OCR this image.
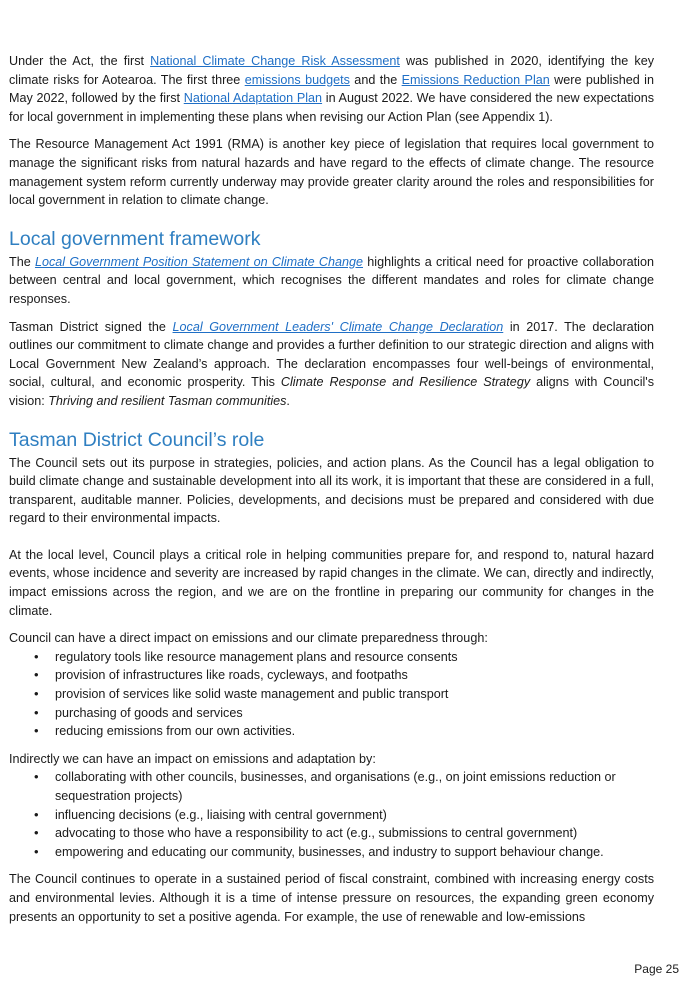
Under the Act, the first National Climate Change Risk Assessment was published in 2020, identifying the key climate risks for Aotearoa. The first three emissions budgets and the Emissions Reduction Plan were published in May 2022, followed by the first National Adaptation Plan in August 2022. We have considered the new expectations for local government in implementing these plans when revising our Action Plan (see Appendix 1).

The Resource Management Act 1991 (RMA) is another key piece of legislation that requires local government to manage the significant risks from natural hazards and have regard to the effects of climate change. The resource management system reform currently underway may provide greater clarity around the roles and responsibilities for local government in relation to climate change.

Local government framework

The Local Government Position Statement on Climate Change highlights a critical need for proactive collaboration between central and local government, which recognises the different mandates and roles for climate change responses.

Tasman District signed the Local Government Leaders' Climate Change Declaration in 2017. The declaration outlines our commitment to climate change and provides a further definition to our strategic direction and aligns with Local Government New Zealand’s approach. The declaration encompasses four well-beings of environmental, social, cultural, and economic prosperity. This Climate Response and Resilience Strategy aligns with Council's vision: Thriving and resilient Tasman communities.

Tasman District Council’s role

The Council sets out its purpose in strategies, policies, and action plans. As the Council has a legal obligation to build climate change and sustainable development into all its work, it is important that these are considered in a full, transparent, auditable manner. Policies, developments, and decisions must be prepared and considered with due regard to their environmental impacts.

At the local level, Council plays a critical role in helping communities prepare for, and respond to, natural hazard events, whose incidence and severity are increased by rapid changes in the climate. We can, directly and indirectly, impact emissions across the region, and we are on the frontline in preparing our community for changes in the climate.

Council can have a direct impact on emissions and our climate preparedness through:

• regulatory tools like resource management plans and resource consents
• provision of infrastructures like roads, cycleways, and footpaths
• provision of services like solid waste management and public transport
• purchasing of goods and services
• reducing emissions from our own activities.

Indirectly we can have an impact on emissions and adaptation by:

• collaborating with other councils, businesses, and organisations (e.g., on joint emissions reduction or sequestration projects)
• influencing decisions (e.g., liaising with central government)
• advocating to those who have a responsibility to act (e.g., submissions to central government)
• empowering and educating our community, businesses, and industry to support behaviour change.

The Council continues to operate in a sustained period of fiscal constraint, combined with increasing energy costs and environmental levies. Although it is a time of intense pressure on resources, the expanding green economy presents an opportunity to set a positive agenda. For example, the use of renewable and low-emissions

Page 25
